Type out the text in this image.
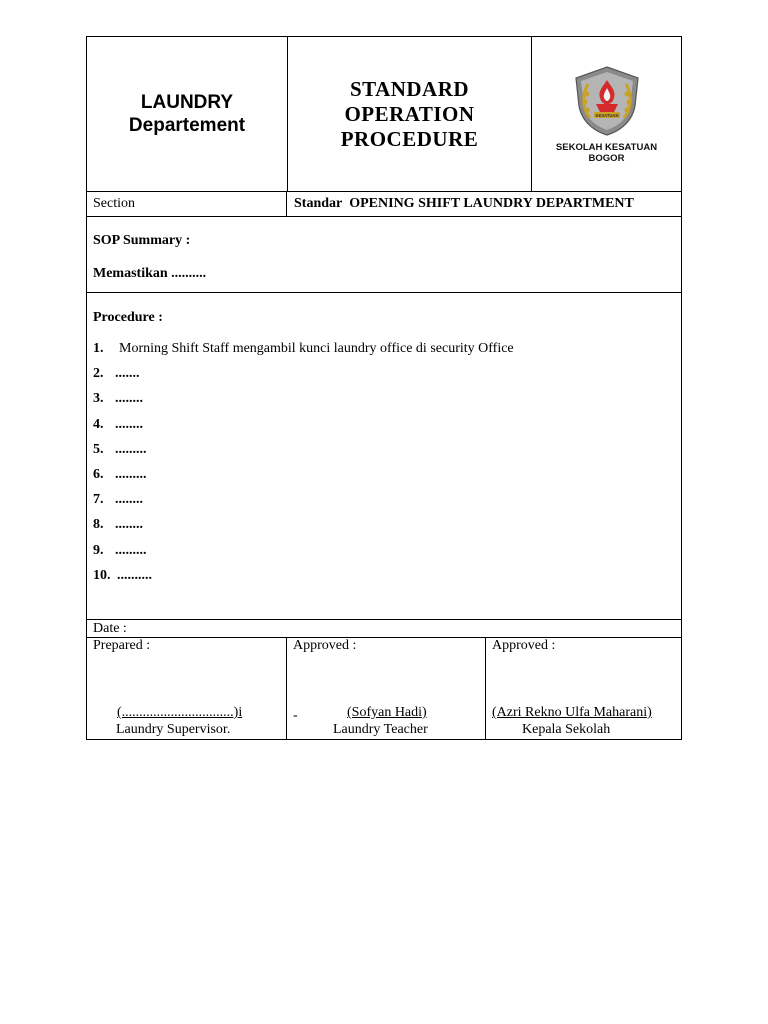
LAUNDRY
Departement
STANDARD
OPERATION
PROCEDURE
KESATUAN
SEKOLAH KESATUAN
BOGOR
Section	Standar OPENING SHIFT LAUNDRY DEPARTMENT
SOP Summary :
Memastikan ..........
Procedure :
1.	Morning Shift Staff mengambil kunci laundry office di security Office
2. .......
3. ........
4. ........
5. .........
6. .........
7. ........
8. ........
9. .........
10. ..........
Date :
Prepared :
(................................)i
Laundry Supervisor.
Approved :
-	(Sofyan Hadi)
Laundry Teacher
Approved :
(Azri Rekno Ulfa Maharani)
Kepala Sekolah
